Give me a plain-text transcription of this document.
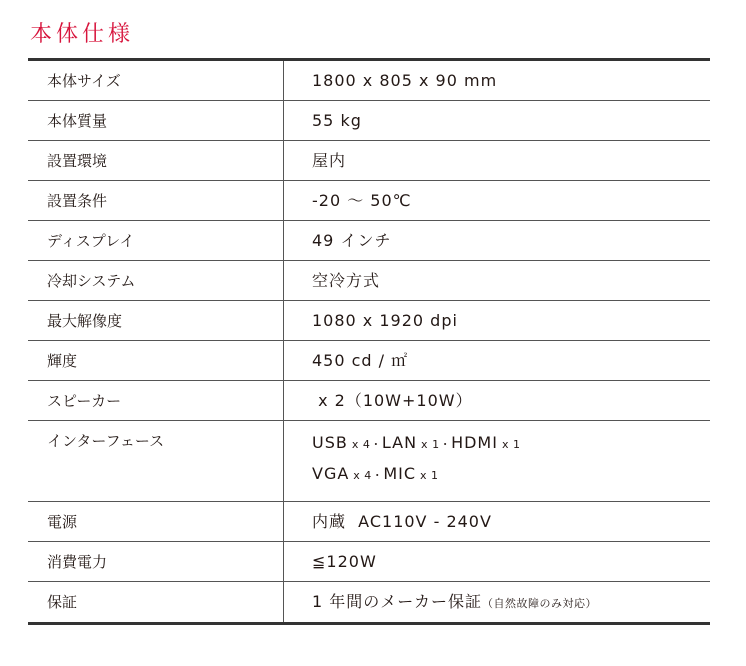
本体仕様
本体サイズ	1800 x 805 x 90 mm
本体質量	55 kg
設置環境	屋内
設置条件	-20 〜 50℃
ディスプレイ	49 インチ
冷却システム	空冷方式
最大解像度	1080 x 1920 dpi
輝度	450 cd / ㎡
スピーカー	x 2（10W+10W）
インターフェース	USB x 4・LAN x 1・HDMI x 1
VGA x 4・MIC x 1
電源	内蔵  AC110V - 240V
消費電力	≦120W
保証	1 年間のメーカー保証（自然故障のみ対応）
